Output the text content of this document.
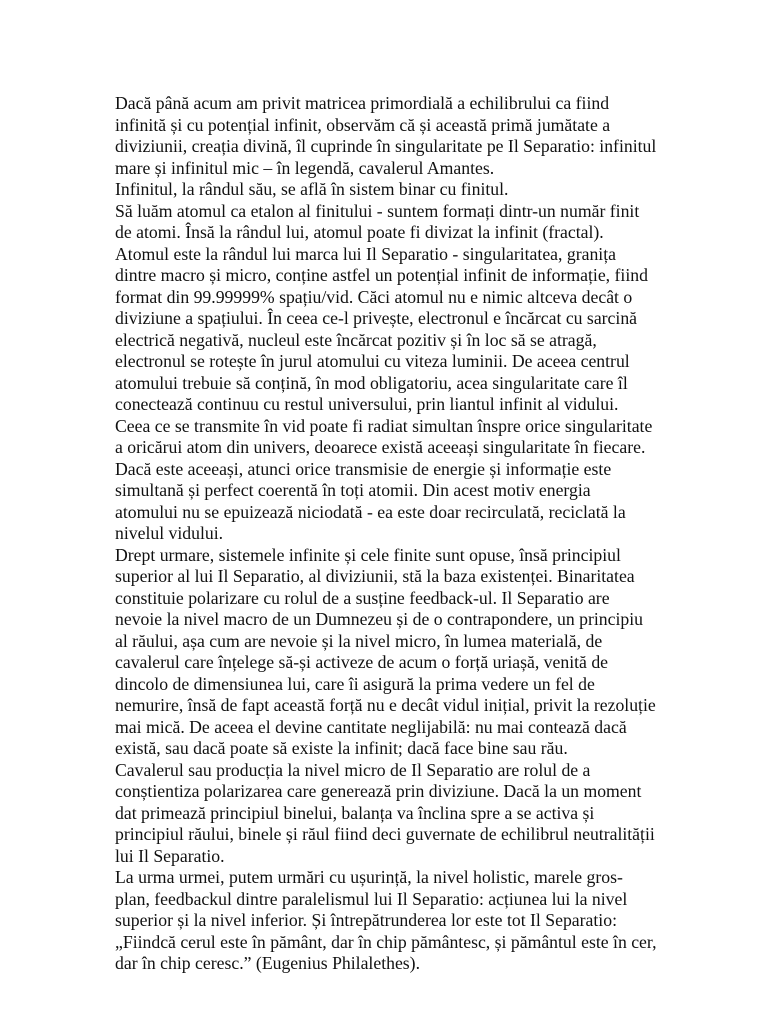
Dacă până acum am privit matricea primordială a echilibrului ca fiind infinită și cu potențial infinit, observăm că și această primă jumătate a diviziunii, creația divină, îl cuprinde în singularitate pe Il Separatio: infinitul mare și infinitul mic – în legendă, cavalerul Amantes.

Infinitul, la rândul său, se află în sistem binar cu finitul.

Să luăm atomul ca etalon al finitului - suntem formați dintr-un număr finit de atomi. Însă la rândul lui, atomul poate fi divizat la infinit (fractal). Atomul este la rândul lui marca lui Il Separatio - singularitatea, granița dintre macro și micro, conține astfel un potențial infinit de informație, fiind format din 99.99999% spațiu/vid. Căci atomul nu e nimic altceva decât o diviziune a spațiului. În ceea ce-l privește, electronul e încărcat cu sarcină electrică negativă, nucleul este încărcat pozitiv și în loc să se atragă, electronul se rotește în jurul atomului cu viteza luminii. De aceea centrul atomului trebuie să conțină, în mod obligatoriu, acea singularitate care îl conectează continuu cu restul universului, prin liantul infinit al vidului. Ceea ce se transmite în vid poate fi radiat simultan înspre orice singularitate a oricărui atom din univers, deoarece există aceeași singularitate în fiecare. Dacă este aceeași, atunci orice transmisie de energie și informație este simultană și perfect coerentă în toți atomii. Din acest motiv energia atomului nu se epuizează niciodată - ea este doar recirculată, reciclată la nivelul vidului.

Drept urmare, sistemele infinite și cele finite sunt opuse, însă principiul superior al lui Il Separatio, al diviziunii, stă la baza existenței. Binaritatea constituie polarizare cu rolul de a susține feedback-ul. Il Separatio are nevoie la nivel macro de un Dumnezeu și de o contrapondere, un principiu al răului, așa cum are nevoie și la nivel micro, în lumea materială, de cavalerul care înțelege să-și activeze de acum o forță uriașă, venită de dincolo de dimensiunea lui, care îi asigură la prima vedere un fel de nemurire, însă de fapt această forță nu e decât vidul inițial, privit la rezoluție mai mică. De aceea el devine cantitate neglijabilă: nu mai contează dacă există, sau dacă poate să existe la infinit; dacă face bine sau rău.

Cavalerul sau producția la nivel micro de Il Separatio are rolul de a conștientiza polarizarea care generează prin diviziune. Dacă la un moment dat primează principiul binelui, balanța va înclina spre a se activa și principiul răului, binele și răul fiind deci guvernate de echilibrul neutralității lui Il Separatio.

La urma urmei, putem urmări cu ușurință, la nivel holistic, marele gros-plan, feedbackul dintre paralelismul lui Il Separatio: acțiunea lui la nivel superior și la nivel inferior. Și întrepătrunderea lor este tot Il Separatio: „Fiindcă cerul este în pământ, dar în chip pământesc, și pământul este în cer, dar în chip ceresc.” (Eugenius Philalethes).
